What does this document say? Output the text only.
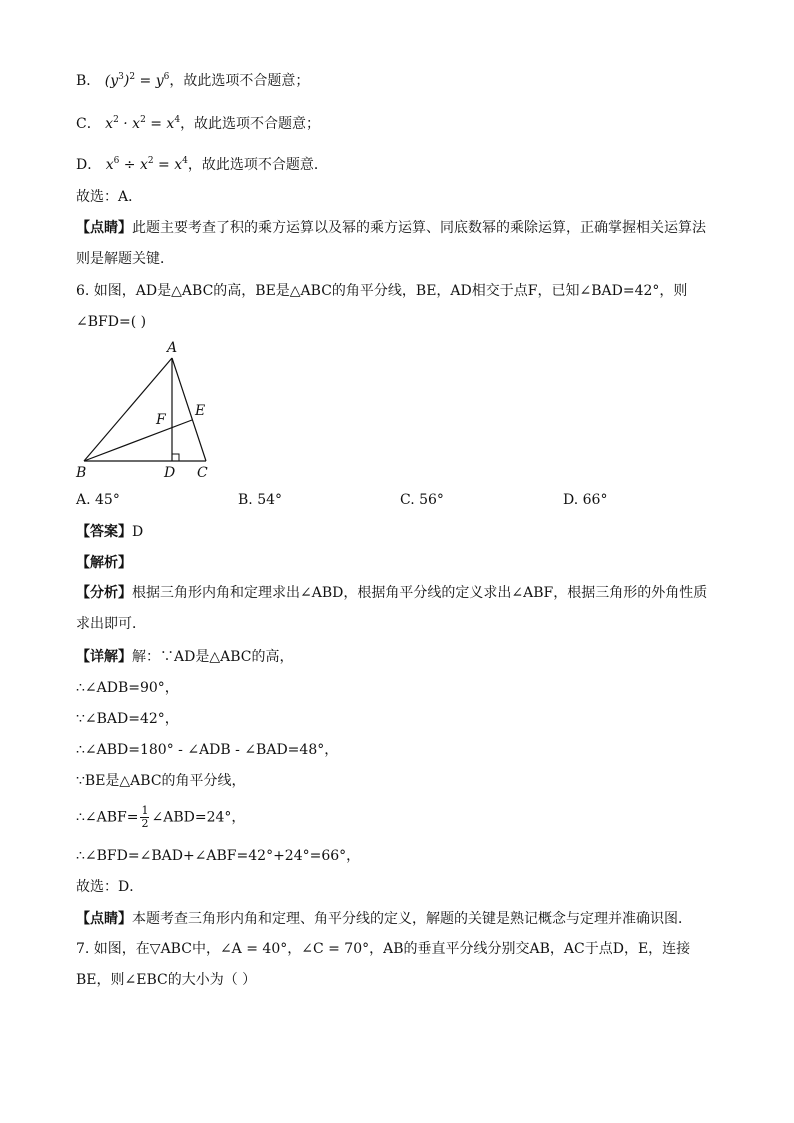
B． $(y^3)^2 = y^6$，故此选项不合题意；
C． $x^2 \cdot x^2 = x^4$，故此选项不合题意；
D． $x^6 \div x^2 = x^4$，故此选项不合题意．
故选：A．
【点睛】此题主要考查了积的乘方运算以及幂的乘方运算、同底数幂的乘除运算，正确掌握相关运算法则是解题关键．
6. 如图，AD是△ABC的高，BE是△ABC的角平分线，BE，AD相交于点F，已知∠BAD=42°，则∠BFD=( )
A
B	C
D
E
F
A. 45°	B. 54°	C. 56°	D. 66°
【答案】D
【解析】
【分析】根据三角形内角和定理求出∠ABD，根据角平分线的定义求出∠ABF，根据三角形的外角性质求出即可．
【详解】解：∵AD是△ABC的高，
∴∠ADB=90°，
∵∠BAD=42°，
∴∠ABD=180° - ∠ADB - ∠BAD=48°，
∵BE是△ABC的角平分线，
∴∠ABF= $\frac{1}{2}$ ∠ABD=24°，
∴∠BFD=∠BAD+∠ABF=42°+24°=66°，
故选：D．
【点睛】本题考查三角形内角和定理、角平分线的定义，解题的关键是熟记概念与定理并准确识图．
7. 如图，在▽ABC中，∠A = 40°，∠C = 70°，AB的垂直平分线分别交AB，AC于点D，E，连接BE，则∠EBC的大小为（ ）
